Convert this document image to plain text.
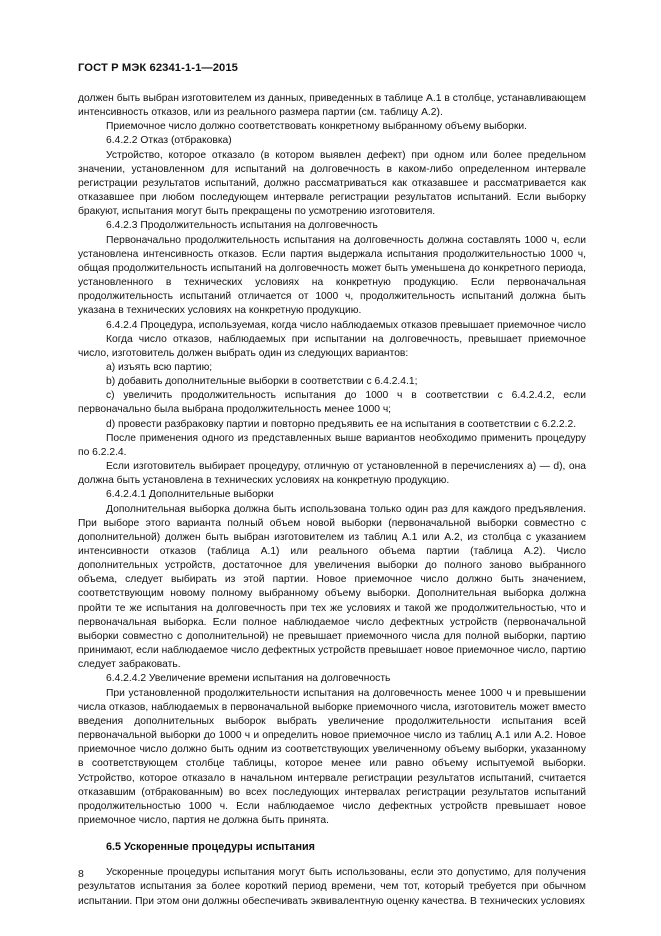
ГОСТ Р МЭК 62341-1-1—2015

должен быть выбран изготовителем из данных, приведенных в таблице А.1 в столбце, устанавливающем интенсивность отказов, или из реального размера партии (см. таблицу А.2).

Приемочное число должно соответствовать конкретному выбранному объему выборки.

6.4.2.2 Отказ (отбраковка)

Устройство, которое отказало (в котором выявлен дефект) при одном или более предельном значении, установленном для испытаний на долговечность в каком-либо определенном интервале регистрации результатов испытаний, должно рассматриваться как отказавшее и рассматривается как отказавшее при любом последующем интервале регистрации результатов испытаний. Если выборку бракуют, испытания могут быть прекращены по усмотрению изготовителя.

6.4.2.3 Продолжительность испытания на долговечность

Первоначально продолжительность испытания на долговечность должна составлять 1000 ч, если установлена интенсивность отказов. Если партия выдержала испытания продолжительностью 1000 ч, общая продолжительность испытаний на долговечность может быть уменьшена до конкретного периода, установленного в технических условиях на конкретную продукцию. Если первоначальная продолжительность испытаний отличается от 1000 ч, продолжительность испытаний должна быть указана в технических условиях на конкретную продукцию.

6.4.2.4 Процедура, используемая, когда число наблюдаемых отказов превышает приемочное число

Когда число отказов, наблюдаемых при испытании на долговечность, превышает приемочное число, изготовитель должен выбрать один из следующих вариантов:

а) изъять всю партию;

b) добавить дополнительные выборки в соответствии с 6.4.2.4.1;

с) увеличить продолжительность испытания до 1000 ч в соответствии с 6.4.2.4.2, если первоначально была выбрана продолжительность менее 1000 ч;

d) провести разбраковку партии и повторно предъявить ее на испытания в соответствии с 6.2.2.2.

После применения одного из представленных выше вариантов необходимо применить процедуру по 6.2.2.4.

Если изготовитель выбирает процедуру, отличную от установленной в перечислениях а) — d), она должна быть установлена в технических условиях на конкретную продукцию.

6.4.2.4.1 Дополнительные выборки

Дополнительная выборка должна быть использована только один раз для каждого предъявления. При выборе этого варианта полный объем новой выборки (первоначальной выборки совместно с дополнительной) должен быть выбран изготовителем из таблиц А.1 или А.2, из столбца с указанием интенсивности отказов (таблица А.1) или реального объема партии (таблица А.2). Число дополнительных устройств, достаточное для увеличения выборки до полного заново выбранного объема, следует выбирать из этой партии. Новое приемочное число должно быть значением, соответствующим новому полному выбранному объему выборки. Дополнительная выборка должна пройти те же испытания на долговечность при тех же условиях и такой же продолжительностью, что и первоначальная выборка. Если полное наблюдаемое число дефектных устройств (первоначальной выборки совместно с дополнительной) не превышает приемочного числа для полной выборки, партию принимают, если наблюдаемое число дефектных устройств превышает новое приемочное число, партию следует забраковать.

6.4.2.4.2 Увеличение времени испытания на долговечность

При установленной продолжительности испытания на долговечность менее 1000 ч и превышении числа отказов, наблюдаемых в первоначальной выборке приемочного числа, изготовитель может вместо введения дополнительных выборок выбрать увеличение продолжительности испытания всей первоначальной выборки до 1000 ч и определить новое приемочное число из таблиц А.1 или А.2. Новое приемочное число должно быть одним из соответствующих увеличенному объему выборки, указанному в соответствующем столбце таблицы, которое менее или равно объему испытуемой выборки. Устройство, которое отказало в начальном интервале регистрации результатов испытаний, считается отказавшим (отбракованным) во всех последующих интервалах регистрации результатов испытаний продолжительностью 1000 ч. Если наблюдаемое число дефектных устройств превышает новое приемочное число, партия не должна быть принята.

6.5 Ускоренные процедуры испытания

Ускоренные процедуры испытания могут быть использованы, если это допустимо, для получения результатов испытания за более короткий период времени, чем тот, который требуется при обычном испытании. При этом они должны обеспечивать эквивалентную оценку качества. В технических условиях

8
